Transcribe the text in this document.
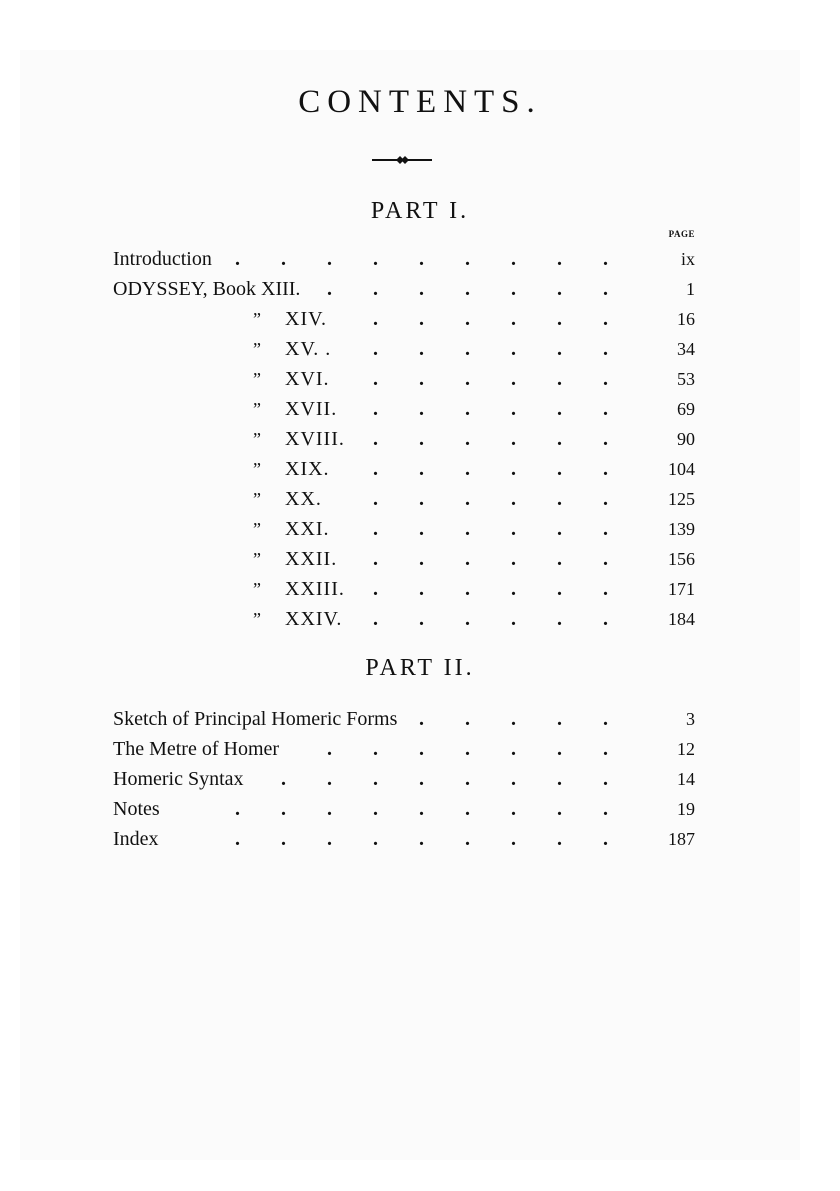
CONTENTS.
PART I.
PAGE
Introduction . . . . . . . . .	ix
ODYSSEY, Book XIII. . . . . . . .	1
” XIV. . . . . . .	16
” XV. . . . . . . .	34
” XVI. . . . . . .	53
” XVII. . . . . . .	69
” XVIII. . . . . . .	90
” XIX. . . . . . .	104
” XX.	. . . . . .	125
” XXI. . . . . . .	139
” XXII. . . . . . .	156
” XXIII. . . . . . .	171
” XXIV. . . . . . .	184
PART II.
Sketch of Principal Homeric Forms . . . . .	3
The Metre of Homer . . . . . . .	12
Homeric Syntax . . . . . . . .	14
Notes	. . . . . . . . .	19
Index	. . . . . . . . .	187
